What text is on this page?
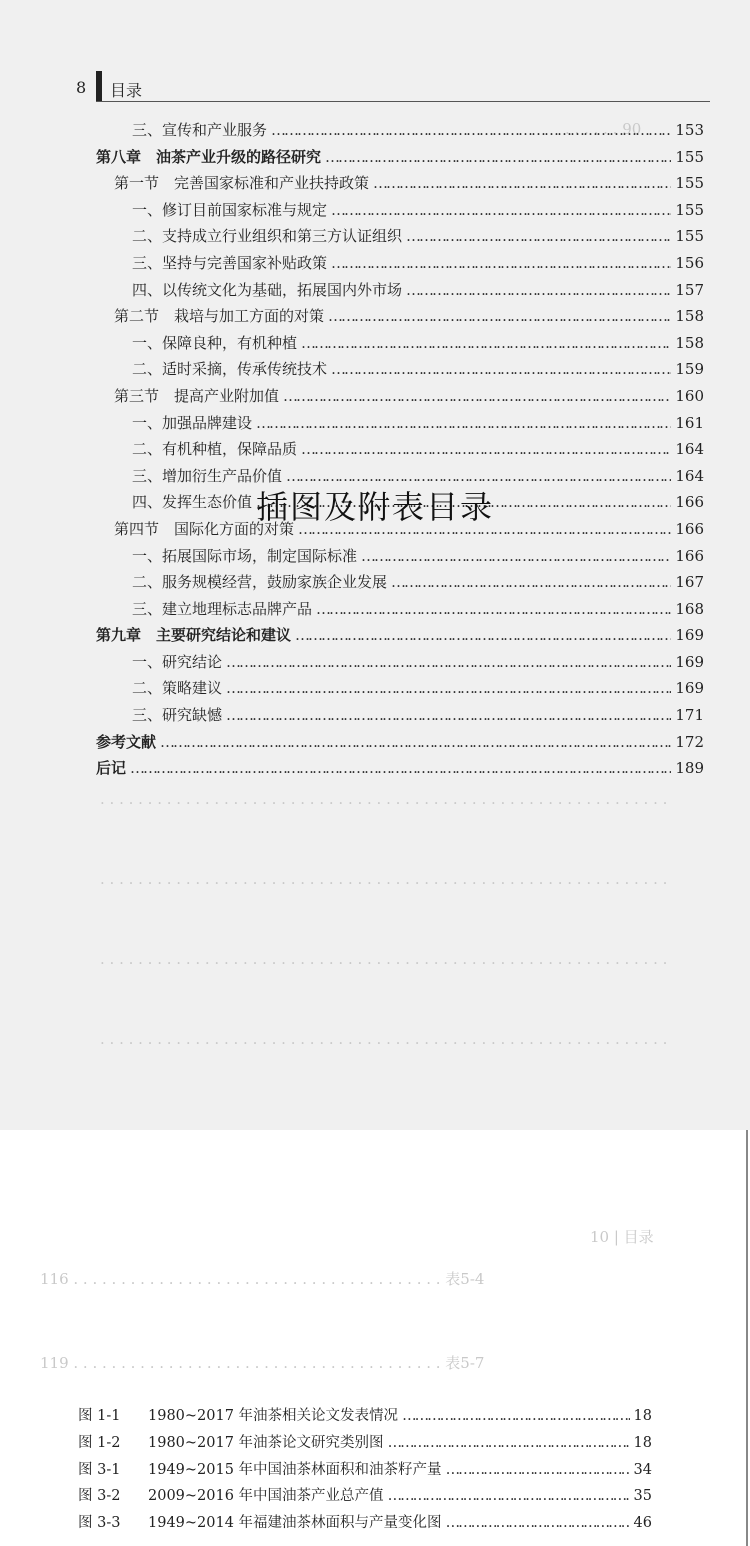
. . . . . . 90
. . . . . . . . . . . . . . . . . . . . . . . . . . . . . . . . . . . . . . . . . . . . . . . . . . . . . . . . . . . .
. . . . . . . . . . . . . . . . . . . . . . . . . . . . . . . . . . . . . . . . . . . . . . . . . . . . . . . . . . . .
. . . . . . . . . . . . . . . . . . . . . . . . . . . . . . . . . . . . . . . . . . . . . . . . . . . . . . . . . . . .
. . . . . . . . . . . . . . . . . . . . . . . . . . . . . . . . . . . . . . . . . . . . . . . . . . . . . . . . . . . .
8 目录
三、宣传和产业服务 ………………………………………………………………………………………………………………………………………………	153
第八章　油茶产业升级的路径研究 ………………………………………………………………………………………………………………………………………………	155
第一节　完善国家标准和产业扶持政策 ………………………………………………………………………………………………………………………………………………	155
一、修订目前国家标准与规定 ………………………………………………………………………………………………………………………………………………	155
二、支持成立行业组织和第三方认证组织 ………………………………………………………………………………………………………………………………………………	155
三、坚持与完善国家补贴政策 ………………………………………………………………………………………………………………………………………………	156
四、以传统文化为基础，拓展国内外市场 ………………………………………………………………………………………………………………………………………………	157
第二节　栽培与加工方面的对策 ………………………………………………………………………………………………………………………………………………	158
一、保障良种，有机种植 ………………………………………………………………………………………………………………………………………………	158
二、适时采摘，传承传统技术 ………………………………………………………………………………………………………………………………………………	159
第三节　提高产业附加值 ………………………………………………………………………………………………………………………………………………	160
一、加强品牌建设 ………………………………………………………………………………………………………………………………………………	161
二、有机种植，保障品质 ………………………………………………………………………………………………………………………………………………	164
三、增加衍生产品价值 ………………………………………………………………………………………………………………………………………………	164
四、发挥生态价值 ………………………………………………………………………………………………………………………………………………	166
第四节　国际化方面的对策 ………………………………………………………………………………………………………………………………………………	166
一、拓展国际市场，制定国际标准 ………………………………………………………………………………………………………………………………………………	166
二、服务规模经营，鼓励家族企业发展 ………………………………………………………………………………………………………………………………………………	167
三、建立地理标志品牌产品 ………………………………………………………………………………………………………………………………………………	168
第九章　主要研究结论和建议 ………………………………………………………………………………………………………………………………………………	169
一、研究结论 ………………………………………………………………………………………………………………………………………………	169
二、策略建议 ………………………………………………………………………………………………………………………………………………	169
三、研究缺憾 ………………………………………………………………………………………………………………………………………………	171
参考文献 ………………………………………………………………………………………………………………………………………………	172
后记 ………………………………………………………………………………………………………………………………………………	189
10 | 目录
116 . . . . . . . . . . . . . . . . . . . . . . . . . . . . . . . . . . . . . . . 表5-4
119 . . . . . . . . . . . . . . . . . . . . . . . . . . . . . . . . . . . . . . . 表5-7
插图及附表目录
图 1-1 1980~2017 年油茶相关论文发表情况 ………………………………………………………………………………………………………………………………………………	18
图 1-2 1980~2017 年油茶论文研究类别图 ………………………………………………………………………………………………………………………………………………	18
图 3-1 1949~2015 年中国油茶林面积和油茶籽产量 ………………………………………………………………………………………………………………………………………………	34
图 3-2 2009~2016 年中国油茶产业总产值 ………………………………………………………………………………………………………………………………………………	35
图 3-3 1949~2014 年福建油茶林面积与产量变化图 ………………………………………………………………………………………………………………………………………………	46
